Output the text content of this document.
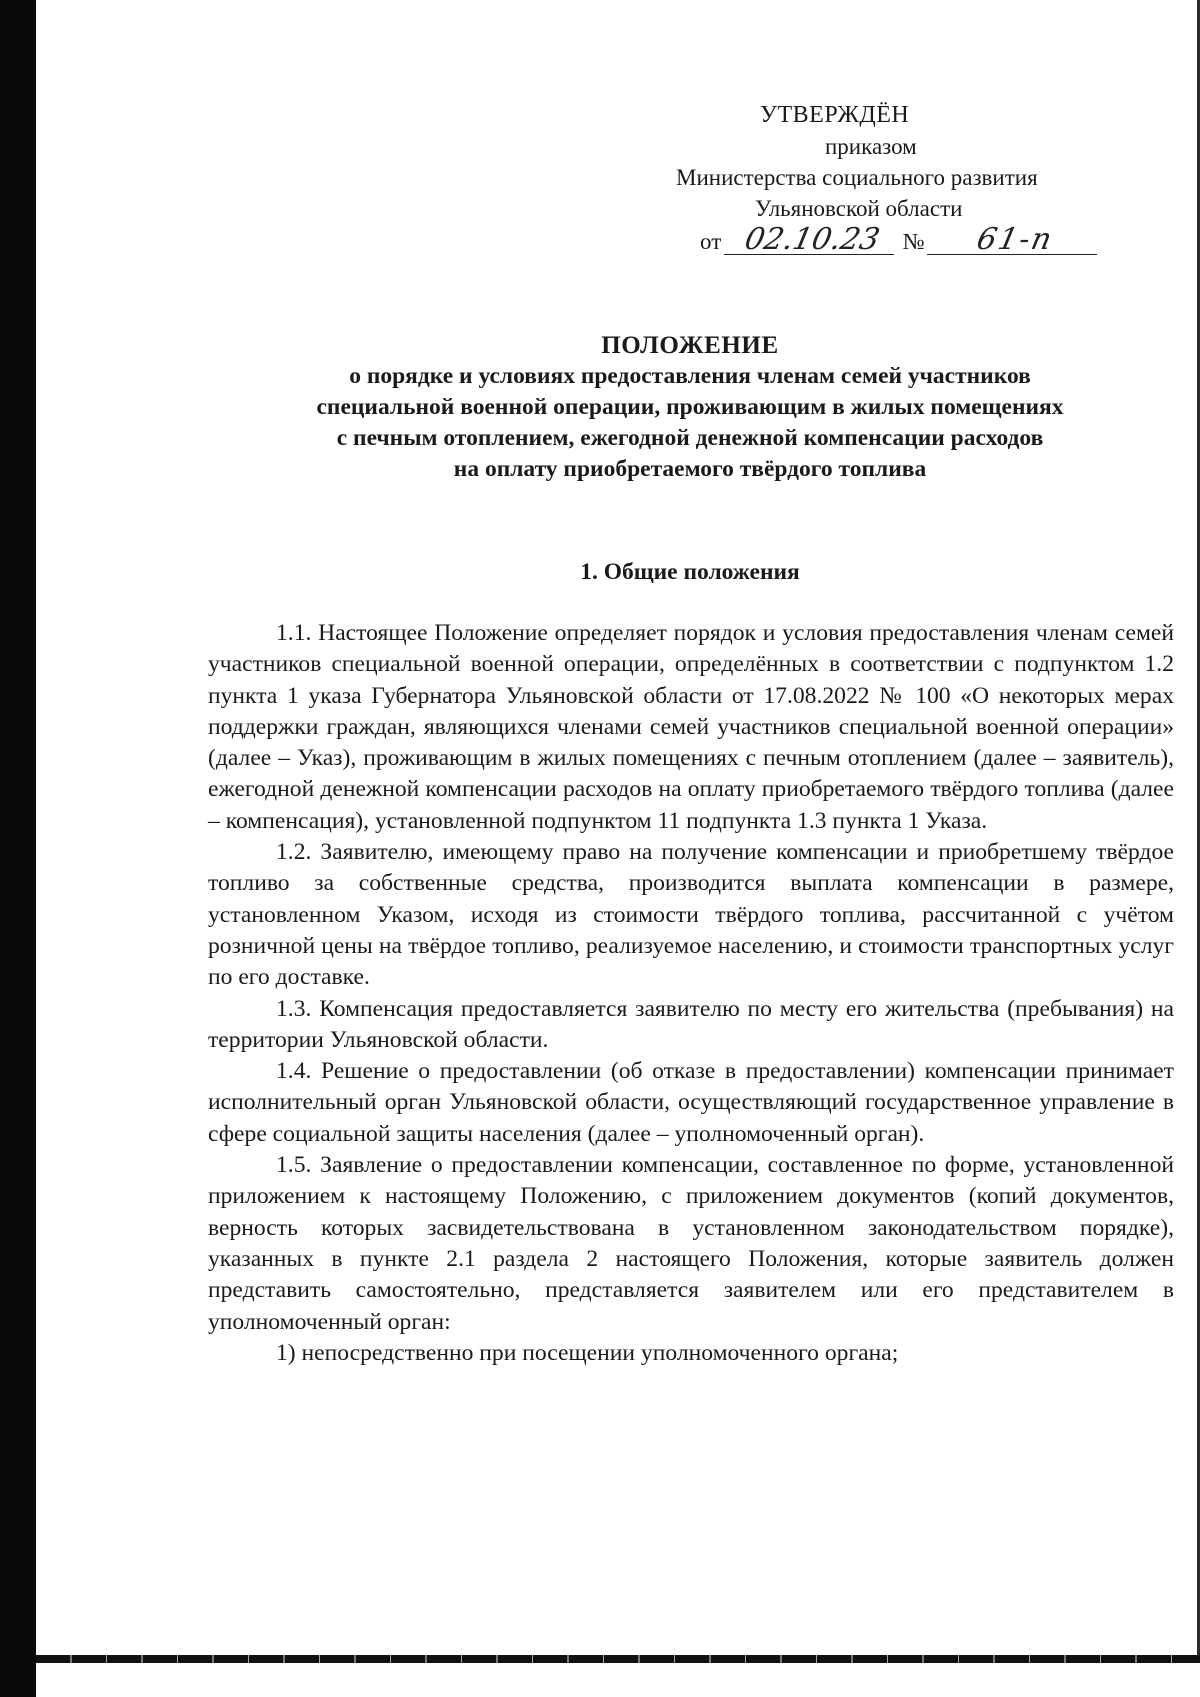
УТВЕРЖДЁН
приказом
Министерства социального развития
Ульяновской области
от 02.10.23 № 61-п
ПОЛОЖЕНИЕ
о порядке и условиях предоставления членам семей участников
специальной военной операции, проживающим в жилых помещениях
с печным отоплением, ежегодной денежной компенсации расходов
на оплату приобретаемого твёрдого топлива
1. Общие положения

1.1. Настоящее Положение определяет порядок и условия предоставления членам семей участников специальной военной операции, определённых в соответствии с подпунктом 1.2 пункта 1 указа Губернатора Ульяновской области от 17.08.2022 № 100 «О некоторых мерах поддержки граждан, являющихся членами семей участников специальной военной операции» (далее – Указ), проживающим в жилых помещениях с печным отоплением (далее – заявитель), ежегодной денежной компенсации расходов на оплату приобретаемого твёрдого топлива (далее – компенсация), установленной подпунктом 11 подпункта 1.3 пункта 1 Указа.

1.2. Заявителю, имеющему право на получение компенсации и приобретшему твёрдое топливо за собственные средства, производится выплата компенсации в размере, установленном Указом, исходя из стоимости твёрдого топлива, рассчитанной с учётом розничной цены на твёрдое топливо, реализуемое населению, и стоимости транспортных услуг по его доставке.

1.3. Компенсация предоставляется заявителю по месту его жительства (пребывания) на территории Ульяновской области.

1.4. Решение о предоставлении (об отказе в предоставлении) компенсации принимает исполнительный орган Ульяновской области, осуществляющий государственное управление в сфере социальной защиты населения (далее – уполномоченный орган).

1.5. Заявление о предоставлении компенсации, составленное по форме, установленной приложением к настоящему Положению, с приложением документов (копий документов, верность которых засвидетельствована в установленном законодательством порядке), указанных в пункте 2.1 раздела 2 настоящего Положения, которые заявитель должен представить самостоятельно, представляется заявителем или его представителем в уполномоченный орган:

1) непосредственно при посещении уполномоченного органа;
